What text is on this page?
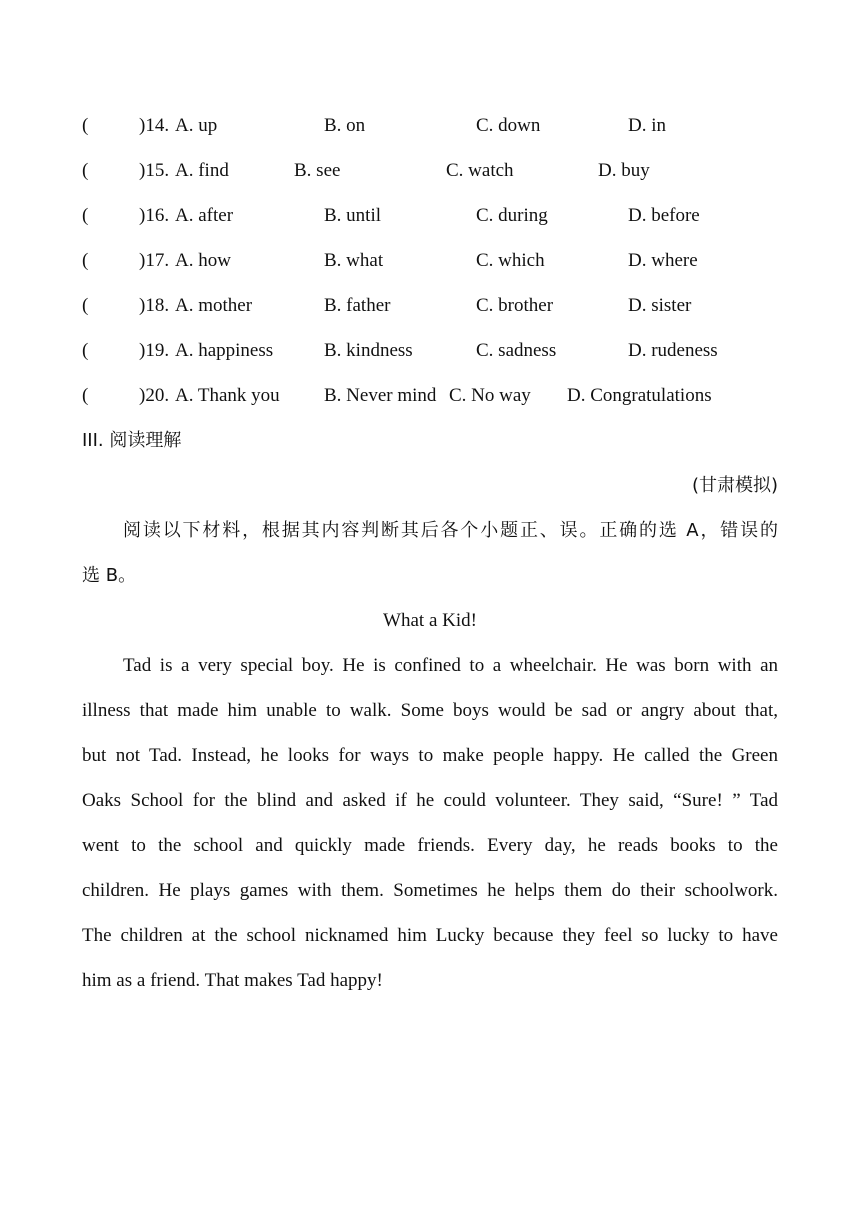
(	)14. A. up	B. on	C. down	D. in
(	)15. A. find	B. see	C. watch	D. buy
(	)16. A. after	B. until	C. during	D. before
(	)17. A. how	B. what	C. which	D. where
(	)18. A. mother	B. father	C. brother	D. sister
(	)19. A. happiness	B. kindness	C. sadness	D. rudeness
(	)20. A. Thank you B. Never mind C. No way D. Congratulations
III. 阅读理解
(甘肃模拟)
阅读以下材料，根据其内容判断其后各个小题正、误。正确的选 A，错误的
选 B。
What a Kid!
Tad is a very special boy. He is confined to a wheelchair. He was born with an
illness that made him unable to walk. Some boys would be sad or angry about that,
but not Tad. Instead, he looks for ways to make people happy. He called the Green
Oaks School for the blind and asked if he could volunteer. They said, “Sure! ” Tad
went to the school and quickly made friends. Every day, he reads books to the
children. He plays games with them. Sometimes he helps them do their schoolwork.
The children at the school nicknamed him Lucky because they feel so lucky to have
him as a friend. That makes Tad happy!
